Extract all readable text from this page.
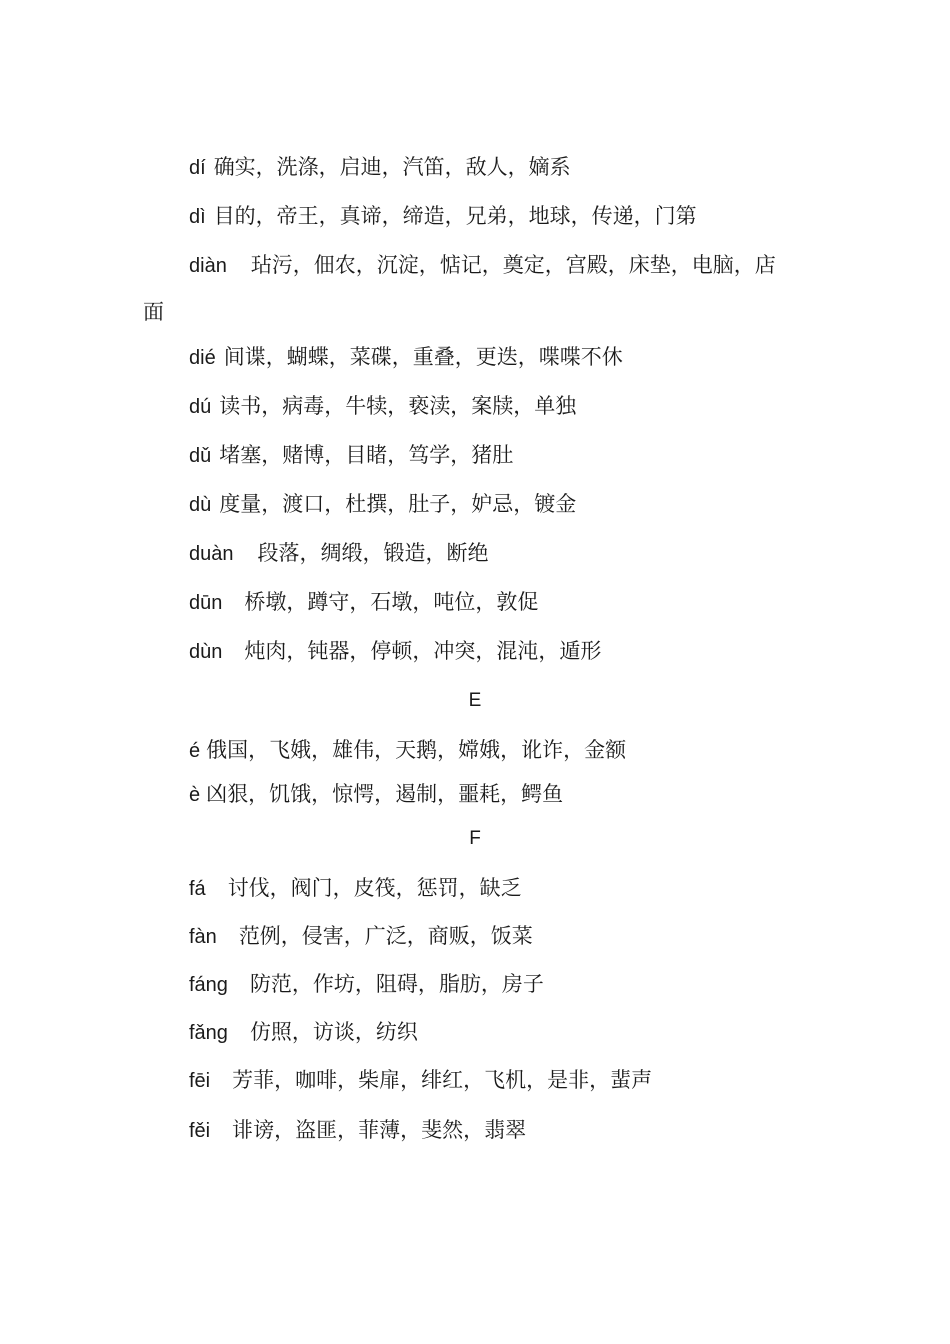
dí 确实，洗涤，启迪，汽笛，敌人，嫡系
dì 目的，帝王，真谛，缔造，兄弟，地球，传递，门第
diàn 玷污，佃农，沉淀，惦记，奠定，宫殿，床垫，电脑，店
面
dié 间谍，蝴蝶，菜碟，重叠，更迭，喋喋不休
dú 读书，病毒，牛犊，亵渎，案牍，单独
dǔ 堵塞，赌博，目睹，笃学，猪肚
dù 度量，渡口，杜撰，肚子，妒忌，镀金
duàn 段落，绸缎，锻造，断绝
dūn 桥墩，蹲守，石墩，吨位，敦促
dùn 炖肉，钝器，停顿，冲突，混沌，遁形
E
é 俄国，飞娥，雄伟，天鹅，嫦娥，讹诈，金额
è 凶狠，饥饿，惊愕，遏制，噩耗，鳄鱼
F
fá 讨伐，阀门，皮筏，惩罚，缺乏
fàn 范例，侵害，广泛，商贩，饭菜
fáng 防范，作坊，阻碍，脂肪，房子
fǎng 仿照，访谈，纺织
fēi 芳菲，咖啡，柴扉，绯红，飞机，是非，蜚声
fěi 诽谤，盗匪，菲薄，斐然，翡翠
